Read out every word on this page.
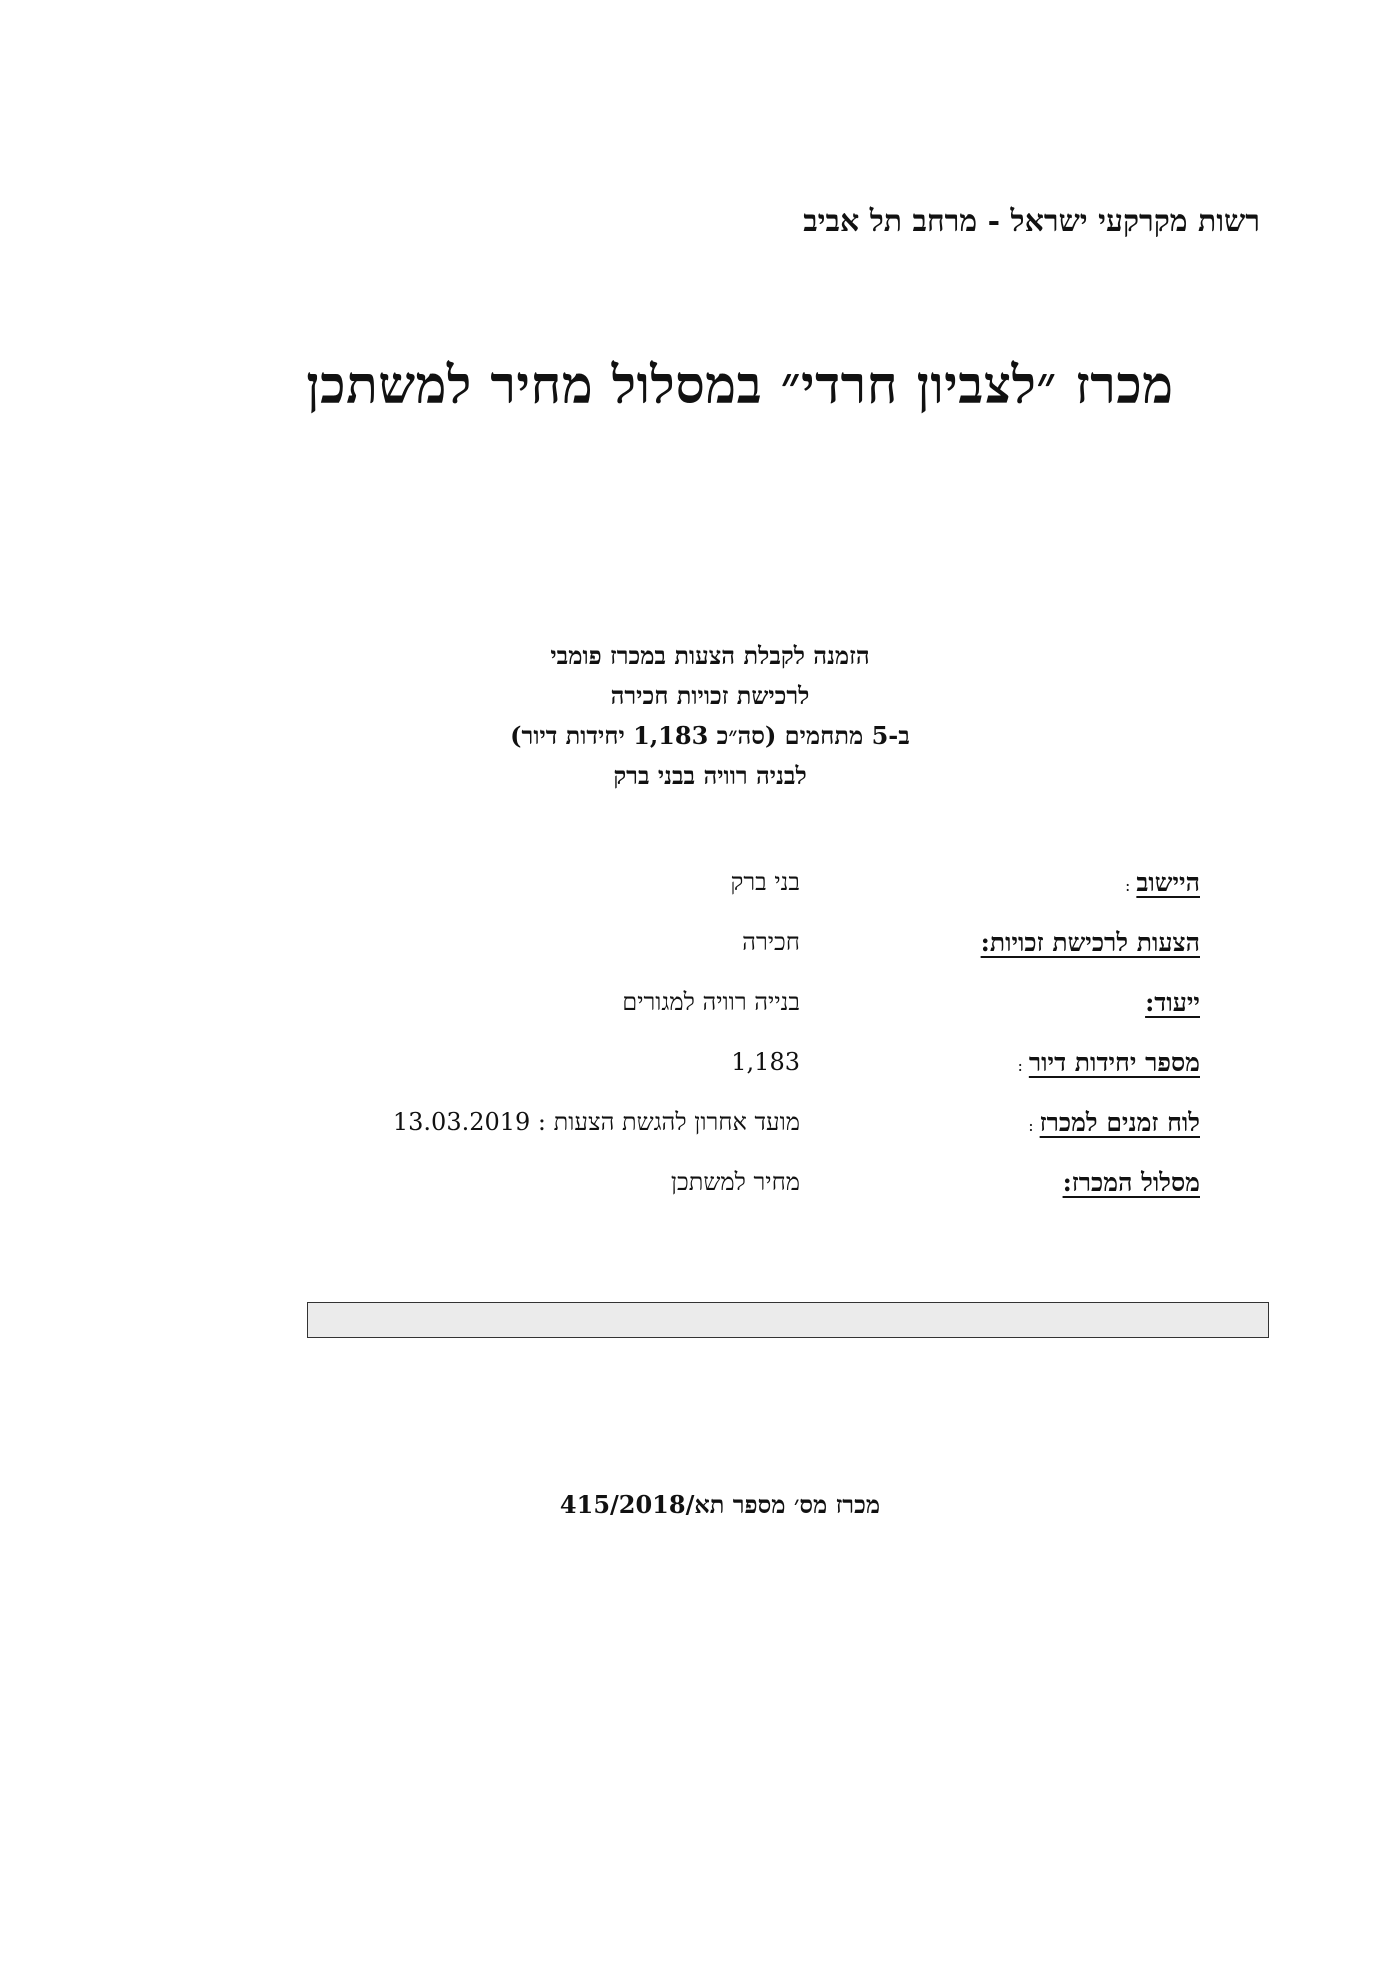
רשות מקרקעי ישראל - מרחב תל אביב
מכרז ״לצביון חרדי״ במסלול מחיר למשתכן
הזמנה לקבלת הצעות במכרז פומבי
לרכישת זכויות חכירה
ב-5 מתחמים (סה״כ 1,183 יחידות דיור)
לבניה רוויה בבני ברק
היישוב:
בני ברק
הצעות לרכישת זכויות:
חכירה
ייעוד:
בנייה רוויה למגורים
מספר יחידות דיור:
1,183
לוח זמנים למכרז:
מועד אחרון להגשת הצעות : 13.03.2019
מסלול המכרז:
מחיר למשתכן
מכרז מס׳ מספר תא/415/2018
